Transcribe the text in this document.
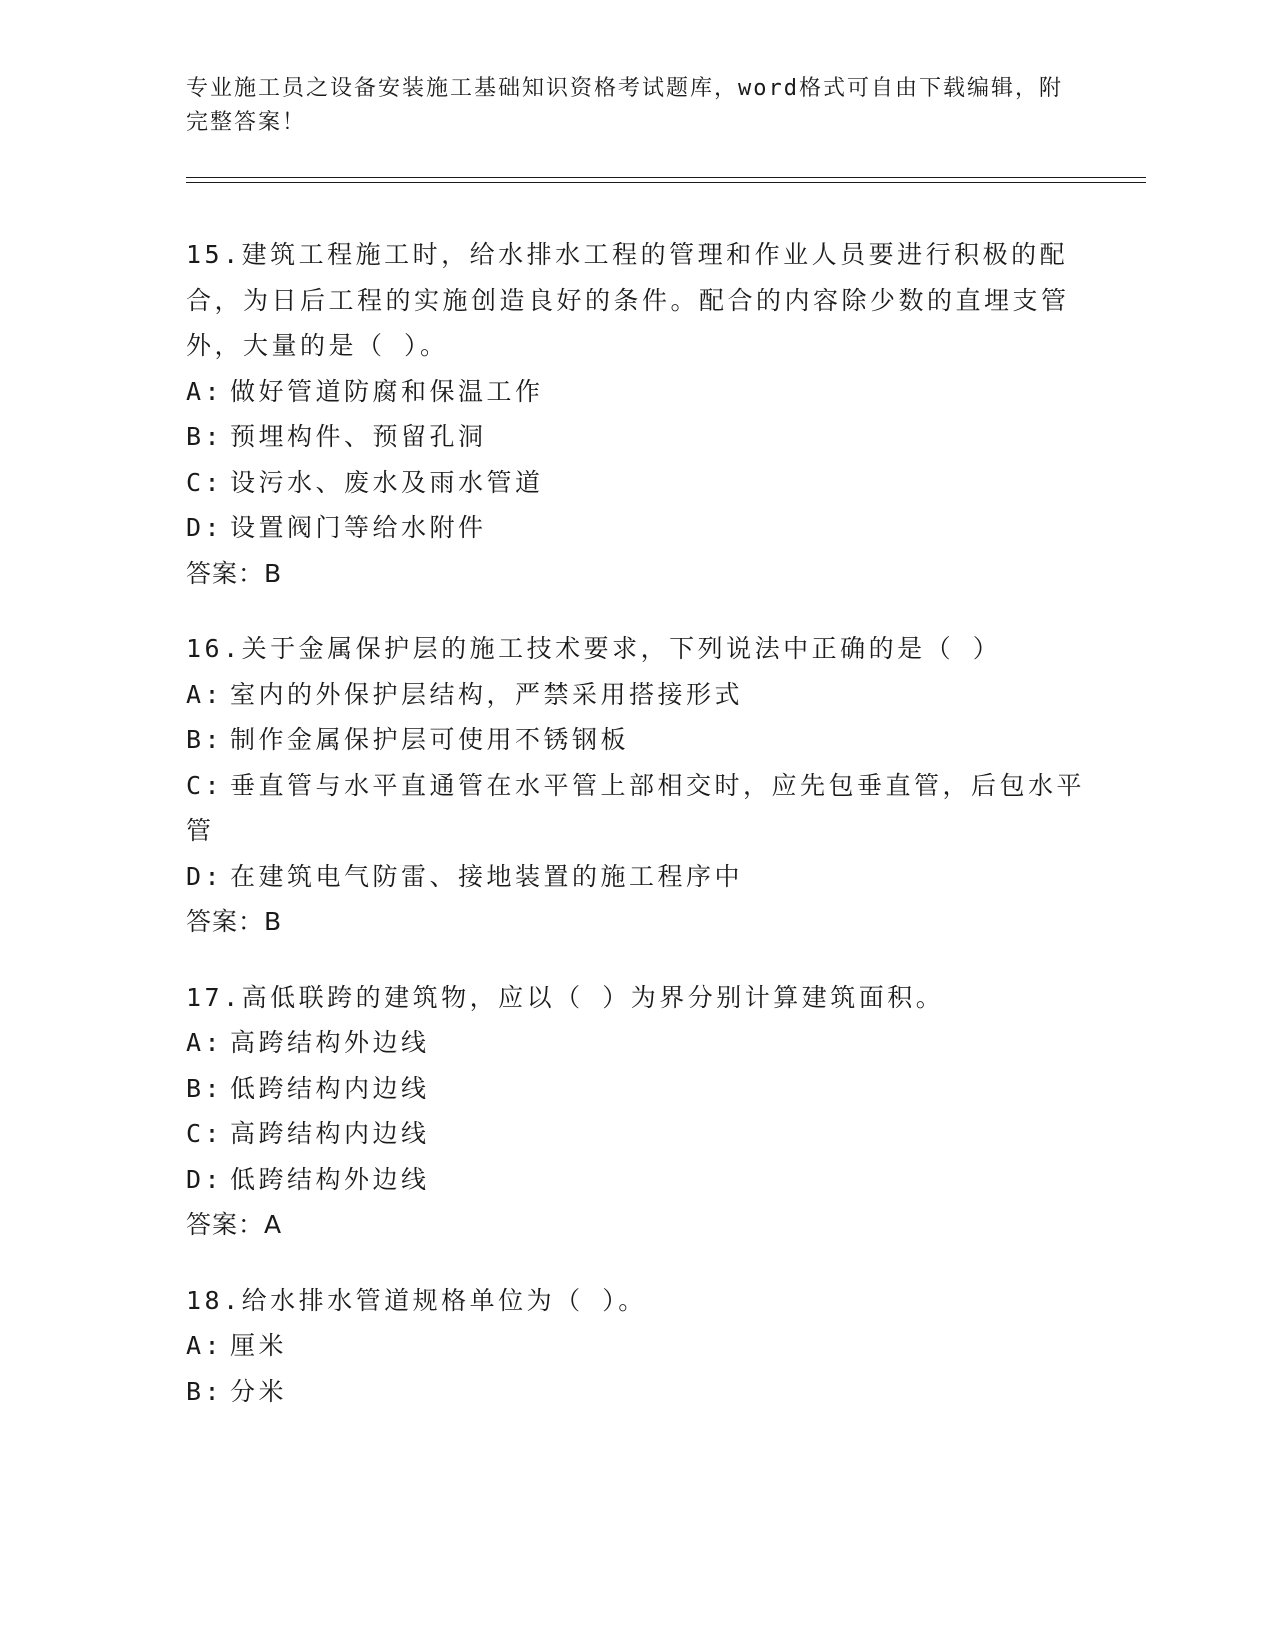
专业施工员之设备安装施工基础知识资格考试题库，word格式可自由下载编辑，附完整答案！

15.建筑工程施工时，给水排水工程的管理和作业人员要进行积极的配合，为日后工程的实施创造良好的条件。配合的内容除少数的直埋支管外，大量的是（ ）。

A: 做好管道防腐和保温工作

B: 预埋构件、预留孔洞

C: 设污水、废水及雨水管道

D: 设置阀门等给水附件

答案：B

16.关于金属保护层的施工技术要求，下列说法中正确的是（ ）

A: 室内的外保护层结构，严禁采用搭接形式

B: 制作金属保护层可使用不锈钢板

C: 垂直管与水平直通管在水平管上部相交时，应先包垂直管，后包水平管

D: 在建筑电气防雷、接地装置的施工程序中

答案：B

17.高低联跨的建筑物，应以（ ）为界分别计算建筑面积。

A: 高跨结构外边线

B: 低跨结构内边线

C: 高跨结构内边线

D: 低跨结构外边线

答案：A

18.给水排水管道规格单位为（ ）。

A: 厘米

B: 分米
